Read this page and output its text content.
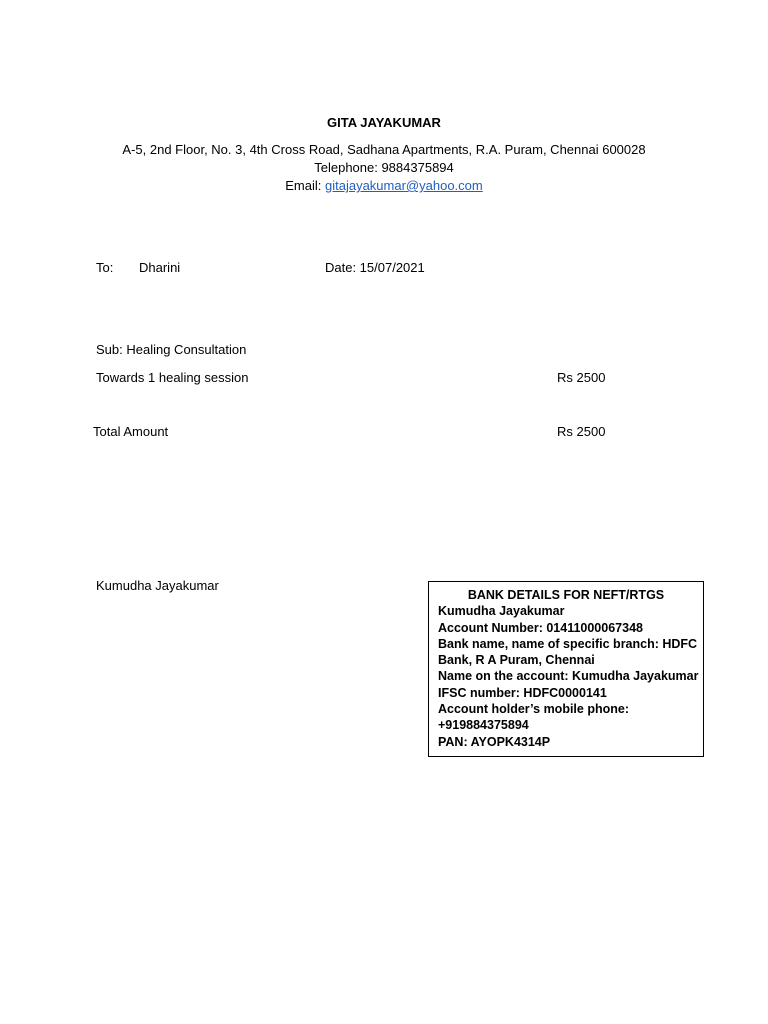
GITA JAYAKUMAR
A-5, 2nd Floor, No. 3, 4th Cross Road, Sadhana Apartments, R.A. Puram, Chennai 600028
Telephone: 9884375894
Email: gitajayakumar@yahoo.com
To: Dharini	Date: 15/07/2021
Sub: Healing Consultation
Towards 1 healing session	Rs 2500
Total Amount	Rs 2500
Kumudha Jayakumar
BANK DETAILS FOR NEFT/RTGS
Kumudha Jayakumar
Account Number: 01411000067348
Bank name, name of specific branch: HDFC
Bank, R A Puram, Chennai
Name on the account: Kumudha Jayakumar
IFSC number: HDFC0000141
Account holder’s mobile phone:
+919884375894
PAN: AYOPK4314P
